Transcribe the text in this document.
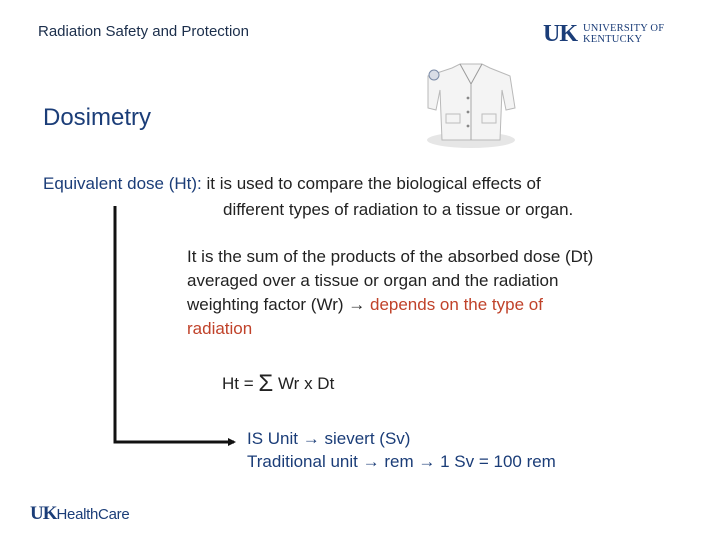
Radiation Safety and Protection	UK UNIVERSITY OF KENTUCKY
Dosimetry
Equivalent dose (Ht): it is used to compare the biological effects of
different types of radiation to a tissue or organ.
It is the sum of the products of the absorbed dose (Dt) averaged over a tissue or organ and the radiation weighting factor (Wr) → depends on the type of radiation
Ht = Σ Wr x Dt
IS Unit → sievert (Sv)
Traditional unit → rem → 1 Sv = 100 rem
UK HealthCare
